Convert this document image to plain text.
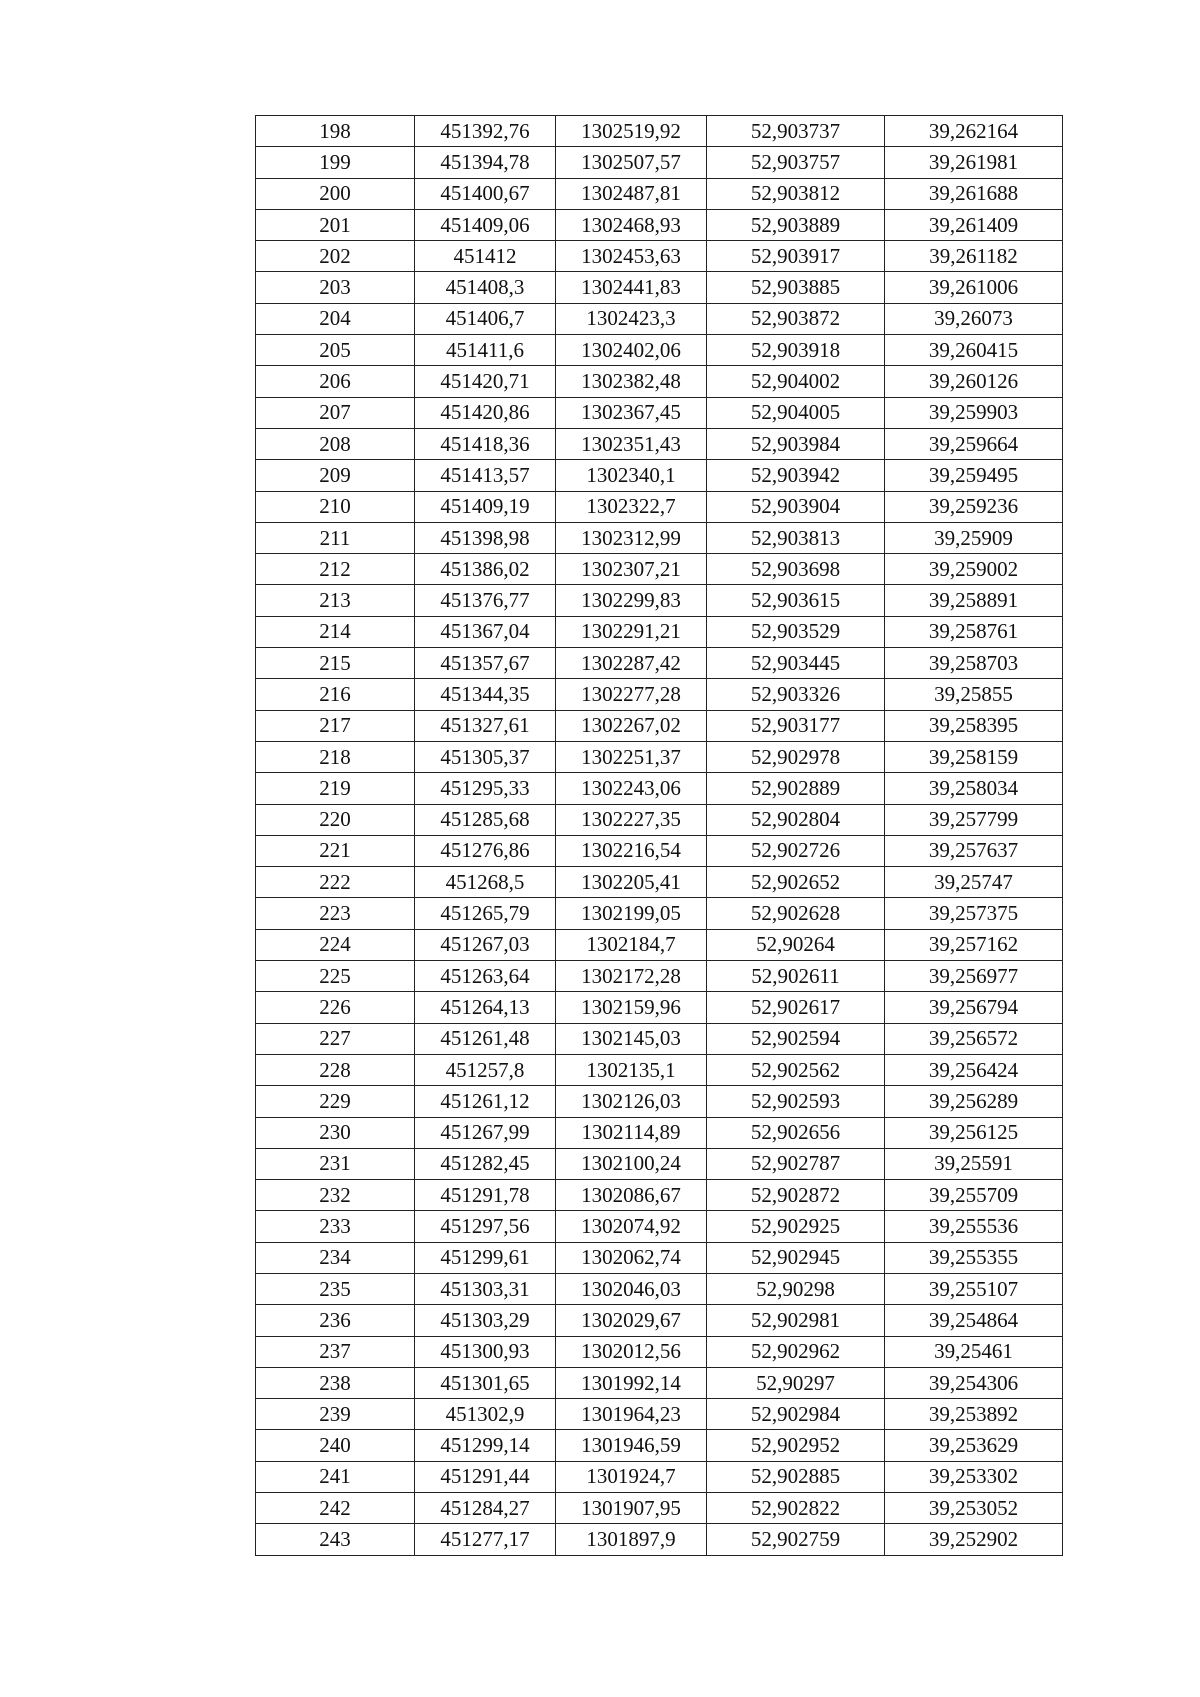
198	451392,76	1302519,92	52,903737	39,262164
199	451394,78	1302507,57	52,903757	39,261981
200	451400,67	1302487,81	52,903812	39,261688
201	451409,06	1302468,93	52,903889	39,261409
202	451412	1302453,63	52,903917	39,261182
203	451408,3	1302441,83	52,903885	39,261006
204	451406,7	1302423,3	52,903872	39,26073
205	451411,6	1302402,06	52,903918	39,260415
206	451420,71	1302382,48	52,904002	39,260126
207	451420,86	1302367,45	52,904005	39,259903
208	451418,36	1302351,43	52,903984	39,259664
209	451413,57	1302340,1	52,903942	39,259495
210	451409,19	1302322,7	52,903904	39,259236
211	451398,98	1302312,99	52,903813	39,25909
212	451386,02	1302307,21	52,903698	39,259002
213	451376,77	1302299,83	52,903615	39,258891
214	451367,04	1302291,21	52,903529	39,258761
215	451357,67	1302287,42	52,903445	39,258703
216	451344,35	1302277,28	52,903326	39,25855
217	451327,61	1302267,02	52,903177	39,258395
218	451305,37	1302251,37	52,902978	39,258159
219	451295,33	1302243,06	52,902889	39,258034
220	451285,68	1302227,35	52,902804	39,257799
221	451276,86	1302216,54	52,902726	39,257637
222	451268,5	1302205,41	52,902652	39,25747
223	451265,79	1302199,05	52,902628	39,257375
224	451267,03	1302184,7	52,90264	39,257162
225	451263,64	1302172,28	52,902611	39,256977
226	451264,13	1302159,96	52,902617	39,256794
227	451261,48	1302145,03	52,902594	39,256572
228	451257,8	1302135,1	52,902562	39,256424
229	451261,12	1302126,03	52,902593	39,256289
230	451267,99	1302114,89	52,902656	39,256125
231	451282,45	1302100,24	52,902787	39,25591
232	451291,78	1302086,67	52,902872	39,255709
233	451297,56	1302074,92	52,902925	39,255536
234	451299,61	1302062,74	52,902945	39,255355
235	451303,31	1302046,03	52,90298	39,255107
236	451303,29	1302029,67	52,902981	39,254864
237	451300,93	1302012,56	52,902962	39,25461
238	451301,65	1301992,14	52,90297	39,254306
239	451302,9	1301964,23	52,902984	39,253892
240	451299,14	1301946,59	52,902952	39,253629
241	451291,44	1301924,7	52,902885	39,253302
242	451284,27	1301907,95	52,902822	39,253052
243	451277,17	1301897,9	52,902759	39,252902
